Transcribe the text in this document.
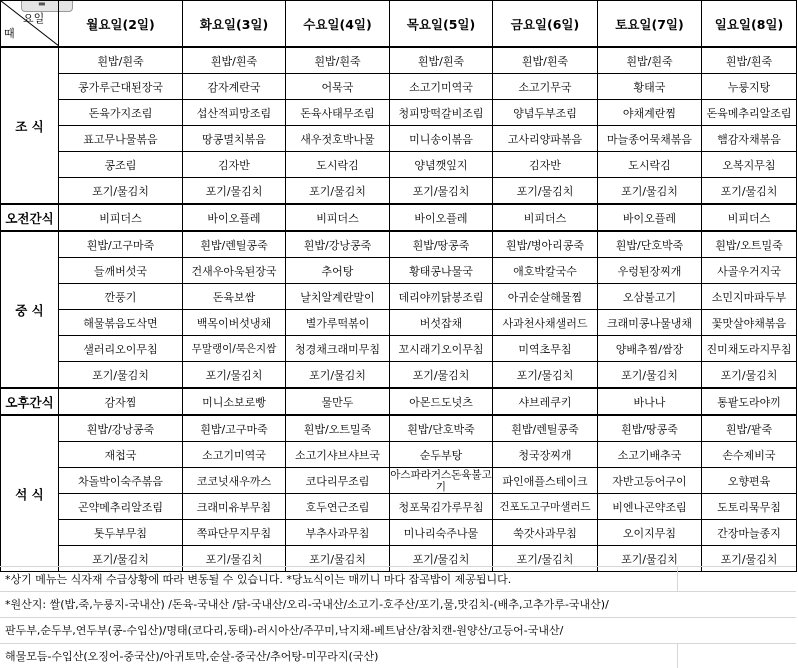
▬
요일
때	월요일(2일)	화요일(3일)	수요일(4일)	목요일(5일)	금요일(6일)	토요일(7일)	일요일(8일)
조 식	흰밥/흰죽	흰밥/흰죽	흰밥/흰죽	흰밥/흰죽	흰밥/흰죽	흰밥/흰죽	흰밥/흰죽
	콩가루근대된장국	감자계란국	어묵국	소고기미역국	소고기무국	황태국	누룽지탕
	돈육가지조림	섭산적피망조림	돈육사태무조림	청피망떡갈비조림	양념두부조림	야채계란찜	돈육메추리알조림
	표고무나물볶음	땅콩멸치볶음	새우젓호박나물	미니송이볶음	고사리양파볶음	마늘종어묵채볶음	햄감자채볶음
	콩조림	김자반	도시락김	양념깻잎지	김자반	도시락김	오복지무침
	포기/물김치	포기/물김치	포기/물김치	포기/물김치	포기/물김치	포기/물김치	포기/물김치
오전간식	비피더스	바이오플레	비피더스	바이오플레	비피더스	바이오플레	비피더스
중 식	흰밥/고구마죽	흰밥/렌틸콩죽	흰밥/강낭콩죽	흰밥/땅콩죽	흰밥/병아리콩죽	흰밥/단호박죽	흰밥/오트밀죽
	들깨버섯국	건새우아욱된장국	추어탕	황태콩나물국	애호박칼국수	우렁된장찌개	사골우거지국
	깐풍기	돈육보쌈	날치알계란말이	데리야끼닭봉조림	아귀순살해물찜	오삼불고기	소민지마파두부
	해물볶음도삭면	백목이버섯냉채	별가루떡볶이	버섯잡채	사과천사채샐러드	크래미콩나물냉채	꽃맛살야채볶음
	샐러리오이무침	무말랭이/묵은지쌈	청경채크래미무침	꼬시래기오이무침	미역초무침	양배추찜/쌈장	진미채도라지무침
	포기/물김치	포기/물김치	포기/물김치	포기/물김치	포기/물김치	포기/물김치	포기/물김치
오후간식	감자찜	미니소보로빵	물만두	아몬드도넛츠	샤브레쿠키	바나나	통팥도라야끼
석 식	흰밥/강낭콩죽	흰밥/고구마죽	흰밥/오트밀죽	흰밥/단호박죽	흰밥/렌틸콩죽	흰밥/땅콩죽	흰밥/팥죽
	재첩국	소고기미역국	소고기샤브샤브국	순두부탕	청국장찌개	소고기배추국	손수제비국
	차돌박이숙주볶음	코코넛새우까스	코다리무조림	아스파라거스돈육불고기	파인애플스테이크	자반고등어구이	오향편육
	곤약메추리알조림	크래미유부무침	호두연근조림	청포묵김가루무침	건포도고구마샐러드	비엔나곤약조림	도토리묵무침
	톳두부무침	쪽파단무지무침	부추사과무침	미나리숙주나물	쑥갓사과무침	오이지무침	간장마늘종지
	포기/물김치	포기/물김치	포기/물김치	포기/물김치	포기/물김치	포기/물김치	포기/물김치
*상기 메뉴는 식자재 수급상황에 따라 변동될 수 있습니다. *당뇨식이는 매끼니 마다 잡곡밥이 제공됩니다.
*원산지: 쌀(밥,죽,누룽지-국내산) /돈육-국내산 /닭-국내산/오리-국내산/소고기-호주산/포기,물,맛김치-(배추,고추가루-국내산)/
판두부,순두부,연두부(콩-수입산)/명태(코다리,동태)-러시아산/주꾸미,낙지채-베트남산/참치캔-원양산/고등어-국내산/
해물모듬-수입산(오징어-중국산)/아귀토막,순살-중국산/추어탕-미꾸라지(국산)
